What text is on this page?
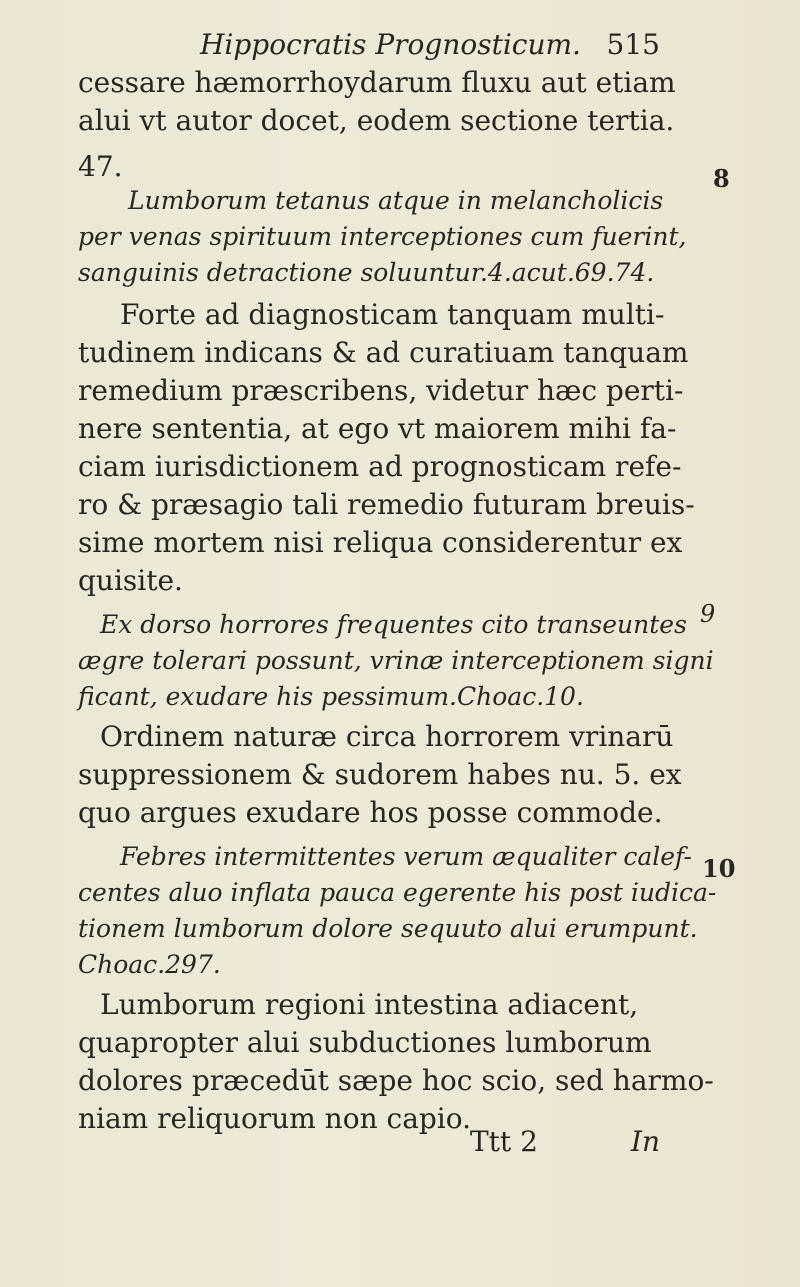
Hippocratis Prognosticum. 515
cessare hæmorrhoydarum fluxu aut etiam
alui vt autor docet, eodem sectione tertia.
47.
Lumborum tetanus atque in melancholicis
per venas spirituum interceptiones cum fuerint,
sanguinis detractione soluuntur.4.acut.69.74.
Forte ad diagnosticam tanquam multi-
tudinem indicans & ad curatiuam tanquam
remedium præscribens, videtur hæc perti-
nere sententia, at ego vt maiorem mihi fa-
ciam iurisdictionem ad prognosticam refe-
ro & præsagio tali remedio futuram breuis-
sime mortem nisi reliqua considerentur ex
quisite.
Ex dorso horrores frequentes cito transeuntes
ægre tolerari possunt, vrinæ interceptionem signi
ficant, exudare his pessimum.Choac.10.
Ordinem naturæ circa horrorem vrinarū
suppressionem & sudorem habes nu. 5. ex
quo argues exudare hos posse commode.
Febres intermittentes verum æqualiter calef-
centes aluo inflata pauca egerente his post iudica-
tionem lumborum dolore sequuto alui erumpunt.
Choac.297.
Lumborum regioni intestina adiacent,
quapropter alui subductiones lumborum
dolores præcedūt sæpe hoc scio, sed harmo-
niam reliquorum non capio.
8
9
10
Ttt 2	In
